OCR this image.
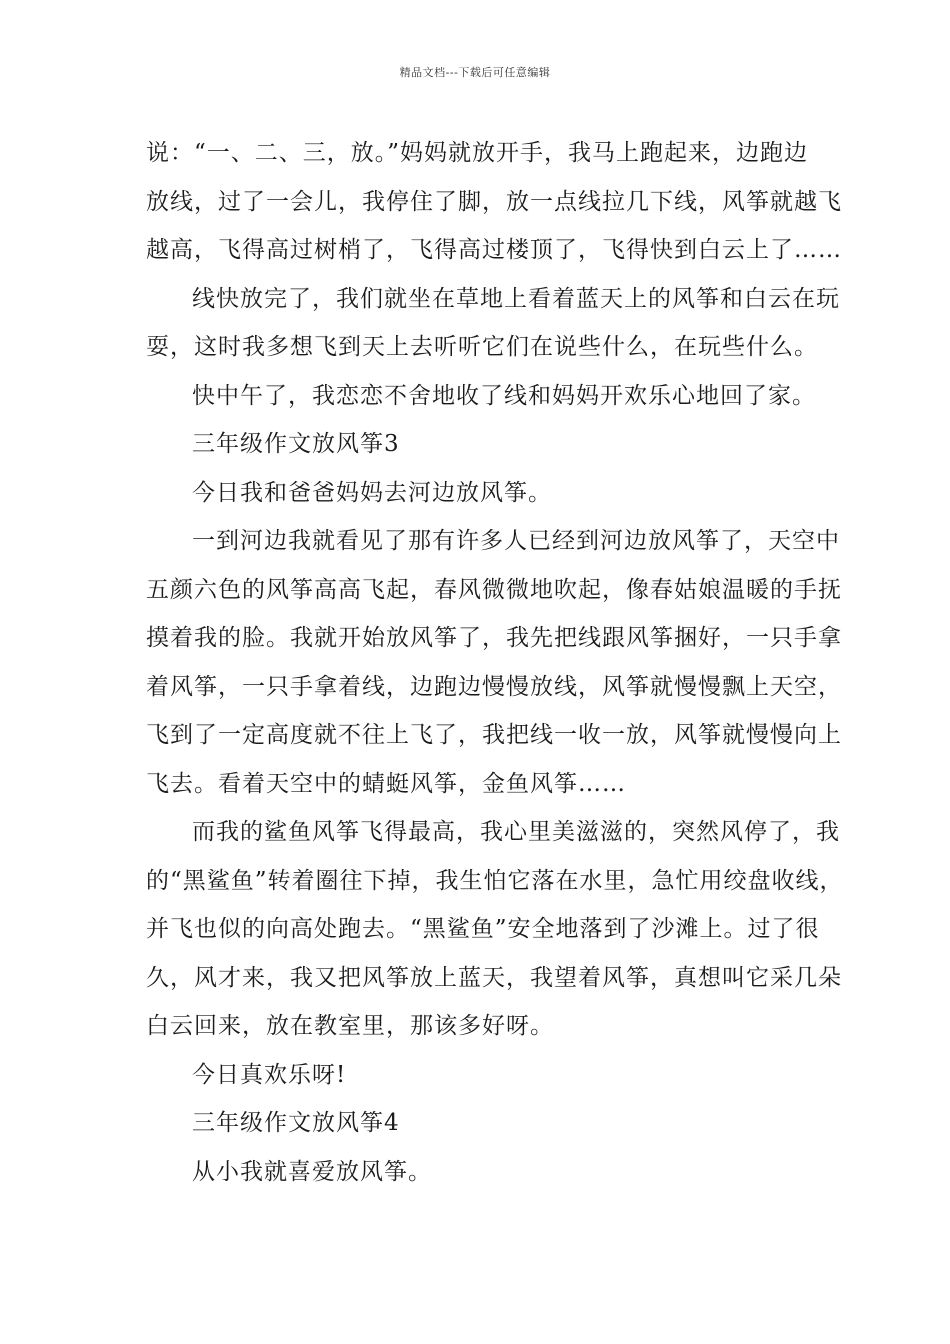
精品文档---下载后可任意编辑
说：“一、二、三，放。”妈妈就放开手，我马上跑起来，边跑边
放线，过了一会儿，我停住了脚，放一点线拉几下线，风筝就越飞
越高，飞得高过树梢了，飞得高过楼顶了，飞得快到白云上了……
线快放完了，我们就坐在草地上看着蓝天上的风筝和白云在玩
耍，这时我多想飞到天上去听听它们在说些什么，在玩些什么。
快中午了，我恋恋不舍地收了线和妈妈开欢乐心地回了家。
三年级作文放风筝3
今日我和爸爸妈妈去河边放风筝。
一到河边我就看见了那有许多人已经到河边放风筝了，天空中
五颜六色的风筝高高飞起，春风微微地吹起，像春姑娘温暖的手抚
摸着我的脸。我就开始放风筝了，我先把线跟风筝捆好，一只手拿
着风筝，一只手拿着线，边跑边慢慢放线，风筝就慢慢飘上天空，
飞到了一定高度就不往上飞了，我把线一收一放，风筝就慢慢向上
飞去。看着天空中的蜻蜓风筝，金鱼风筝……
而我的鲨鱼风筝飞得最高，我心里美滋滋的，突然风停了，我
的“黑鲨鱼”转着圈往下掉，我生怕它落在水里，急忙用绞盘收线，
并飞也似的向高处跑去。“黑鲨鱼”安全地落到了沙滩上。过了很
久，风才来，我又把风筝放上蓝天，我望着风筝，真想叫它采几朵
白云回来，放在教室里，那该多好呀。
今日真欢乐呀!
三年级作文放风筝4
从小我就喜爱放风筝。
